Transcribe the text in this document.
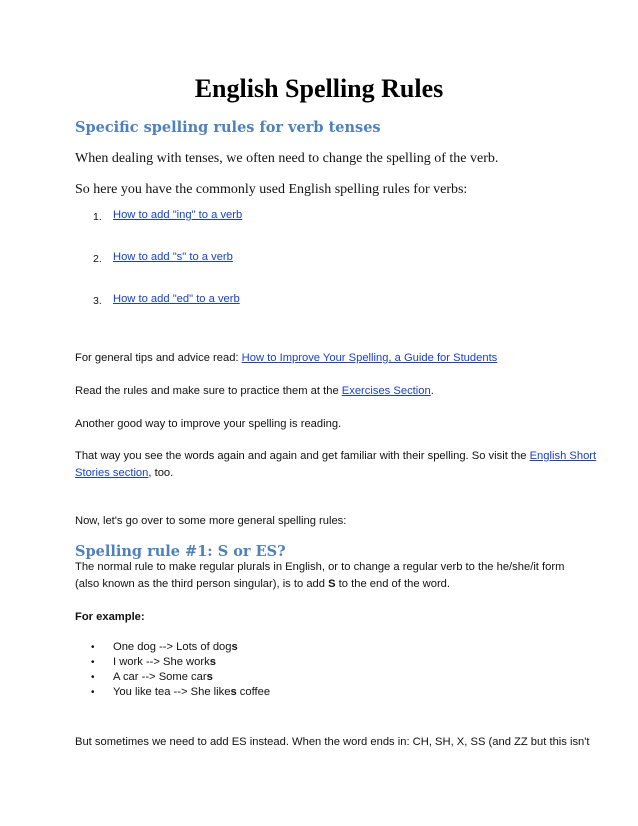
English Spelling Rules
Specific spelling rules for verb tenses
When dealing with tenses, we often need to change the spelling of the verb.
So here you have the commonly used English spelling rules for verbs:
1. How to add "ing" to a verb
2. How to add "s" to a verb
3. How to add "ed" to a verb
For general tips and advice read: How to Improve Your Spelling, a Guide for Students
Read the rules and make sure to practice them at the Exercises Section.
Another good way to improve your spelling is reading.
That way you see the words again and again and get familiar with their spelling. So visit the English Short
Stories section, too.
Now, let's go over to some more general spelling rules:
Spelling rule #1: S or ES?
The normal rule to make regular plurals in English, or to change a regular verb to the he/she/it form
(also known as the third person singular), is to add S to the end of the word.
For example:
• One dog --> Lots of dogs
• I work --> She works
• A car --> Some cars
• You like tea --> She likes coffee
But sometimes we need to add ES instead. When the word ends in: CH, SH, X, SS (and ZZ but this isn't
